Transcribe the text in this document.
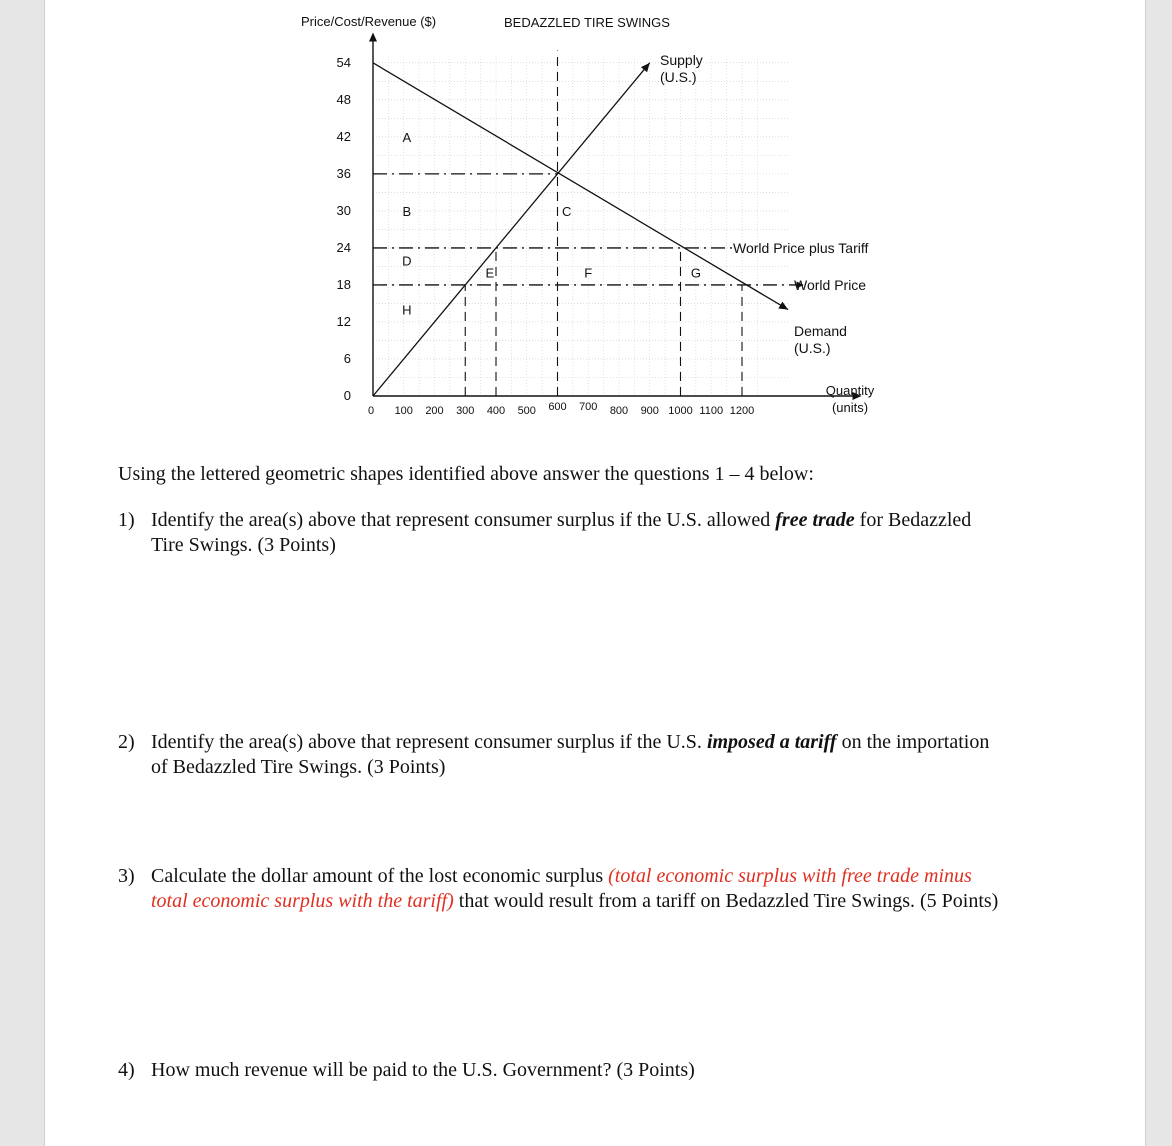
0
6
12
18
24
30
36
42
48
54
0 100 200 300 400 500 600 700 800 900 1000 1100 1200
Price/Cost/Revenue ($)	BEDAZZLED TIRE SWINGS
Quantity
(units)
Supply
(U.S.)
Demand
(U.S.)
World Price plus Tariff
World Price
A
B	C
D
E	F	G
H
Using the lettered geometric shapes identified above answer the questions 1 – 4 below:
1) Identify the area(s) above that represent consumer surplus if the U.S. allowed free trade for Bedazzled
Tire Swings. (3 Points)
2) Identify the area(s) above that represent consumer surplus if the U.S. imposed a tariff on the importation
of Bedazzled Tire Swings. (3 Points)
3) Calculate the dollar amount of the lost economic surplus (total economic surplus with free trade minus
total economic surplus with the tariff) that would result from a tariff on Bedazzled Tire Swings. (5 Points)
4) How much revenue will be paid to the U.S. Government? (3 Points)
